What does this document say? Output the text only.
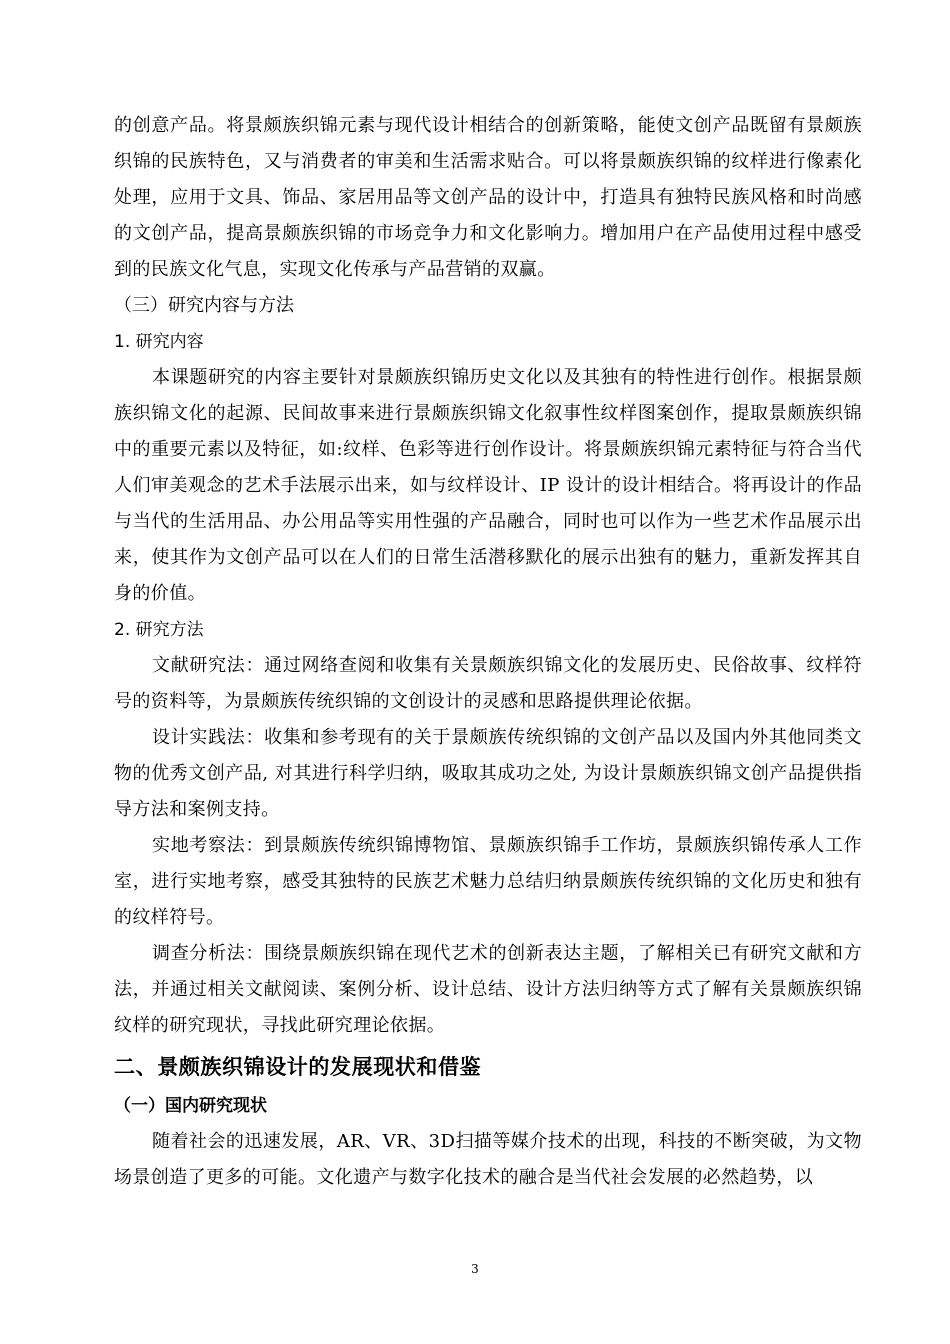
的创意产品。将景颇族织锦元素与现代设计相结合的创新策略，能使文创产品既留有景颇族织锦的民族特色，又与消费者的审美和生活需求贴合。可以将景颇族织锦的纹样进行像素化处理，应用于文具、饰品、家居用品等文创产品的设计中，打造具有独特民族风格和时尚感的文创产品，提高景颇族织锦的市场竞争力和文化影响力。增加用户在产品使用过程中感受到的民族文化气息，实现文化传承与产品营销的双赢。

（三）研究内容与方法
1. 研究内容

本课题研究的内容主要针对景颇族织锦历史文化以及其独有的特性进行创作。根据景颇族织锦文化的起源、民间故事来进行景颇族织锦文化叙事性纹样图案创作，提取景颇族织锦中的重要元素以及特征，如:纹样、色彩等进行创作设计。将景颇族织锦元素特征与符合当代人们审美观念的艺术手法展示出来，如与纹样设计、IP 设计的设计相结合。将再设计的作品与当代的生活用品、办公用品等实用性强的产品融合，同时也可以作为一些艺术作品展示出来，使其作为文创产品可以在人们的日常生活潜移默化的展示出独有的魅力，重新发挥其自身的价值。

2. 研究方法

文献研究法：通过网络查阅和收集有关景颇族织锦文化的发展历史、民俗故事、纹样符号的资料等，为景颇族传统织锦的文创设计的灵感和思路提供理论依据。

设计实践法：收集和参考现有的关于景颇族传统织锦的文创产品以及国内外其他同类文物的优秀文创产品, 对其进行科学归纳，吸取其成功之处, 为设计景颇族织锦文创产品提供指导方法和案例支持。

实地考察法：到景颇族传统织锦博物馆、景颇族织锦手工作坊，景颇族织锦传承人工作室，进行实地考察，感受其独特的民族艺术魅力总结归纳景颇族传统织锦的文化历史和独有的纹样符号。

调查分析法：围绕景颇族织锦在现代艺术的创新表达主题，了解相关已有研究文献和方法，并通过相关文献阅读、案例分析、设计总结、设计方法归纳等方式了解有关景颇族织锦纹样的研究现状，寻找此研究理论依据。

二、景颇族织锦设计的发展现状和借鉴
（一）国内研究现状

随着社会的迅速发展，AR、VR、3D扫描等媒介技术的出现，科技的不断突破，为文物场景创造了更多的可能。文化遗产与数字化技术的融合是当代社会发展的必然趋势，以

3
